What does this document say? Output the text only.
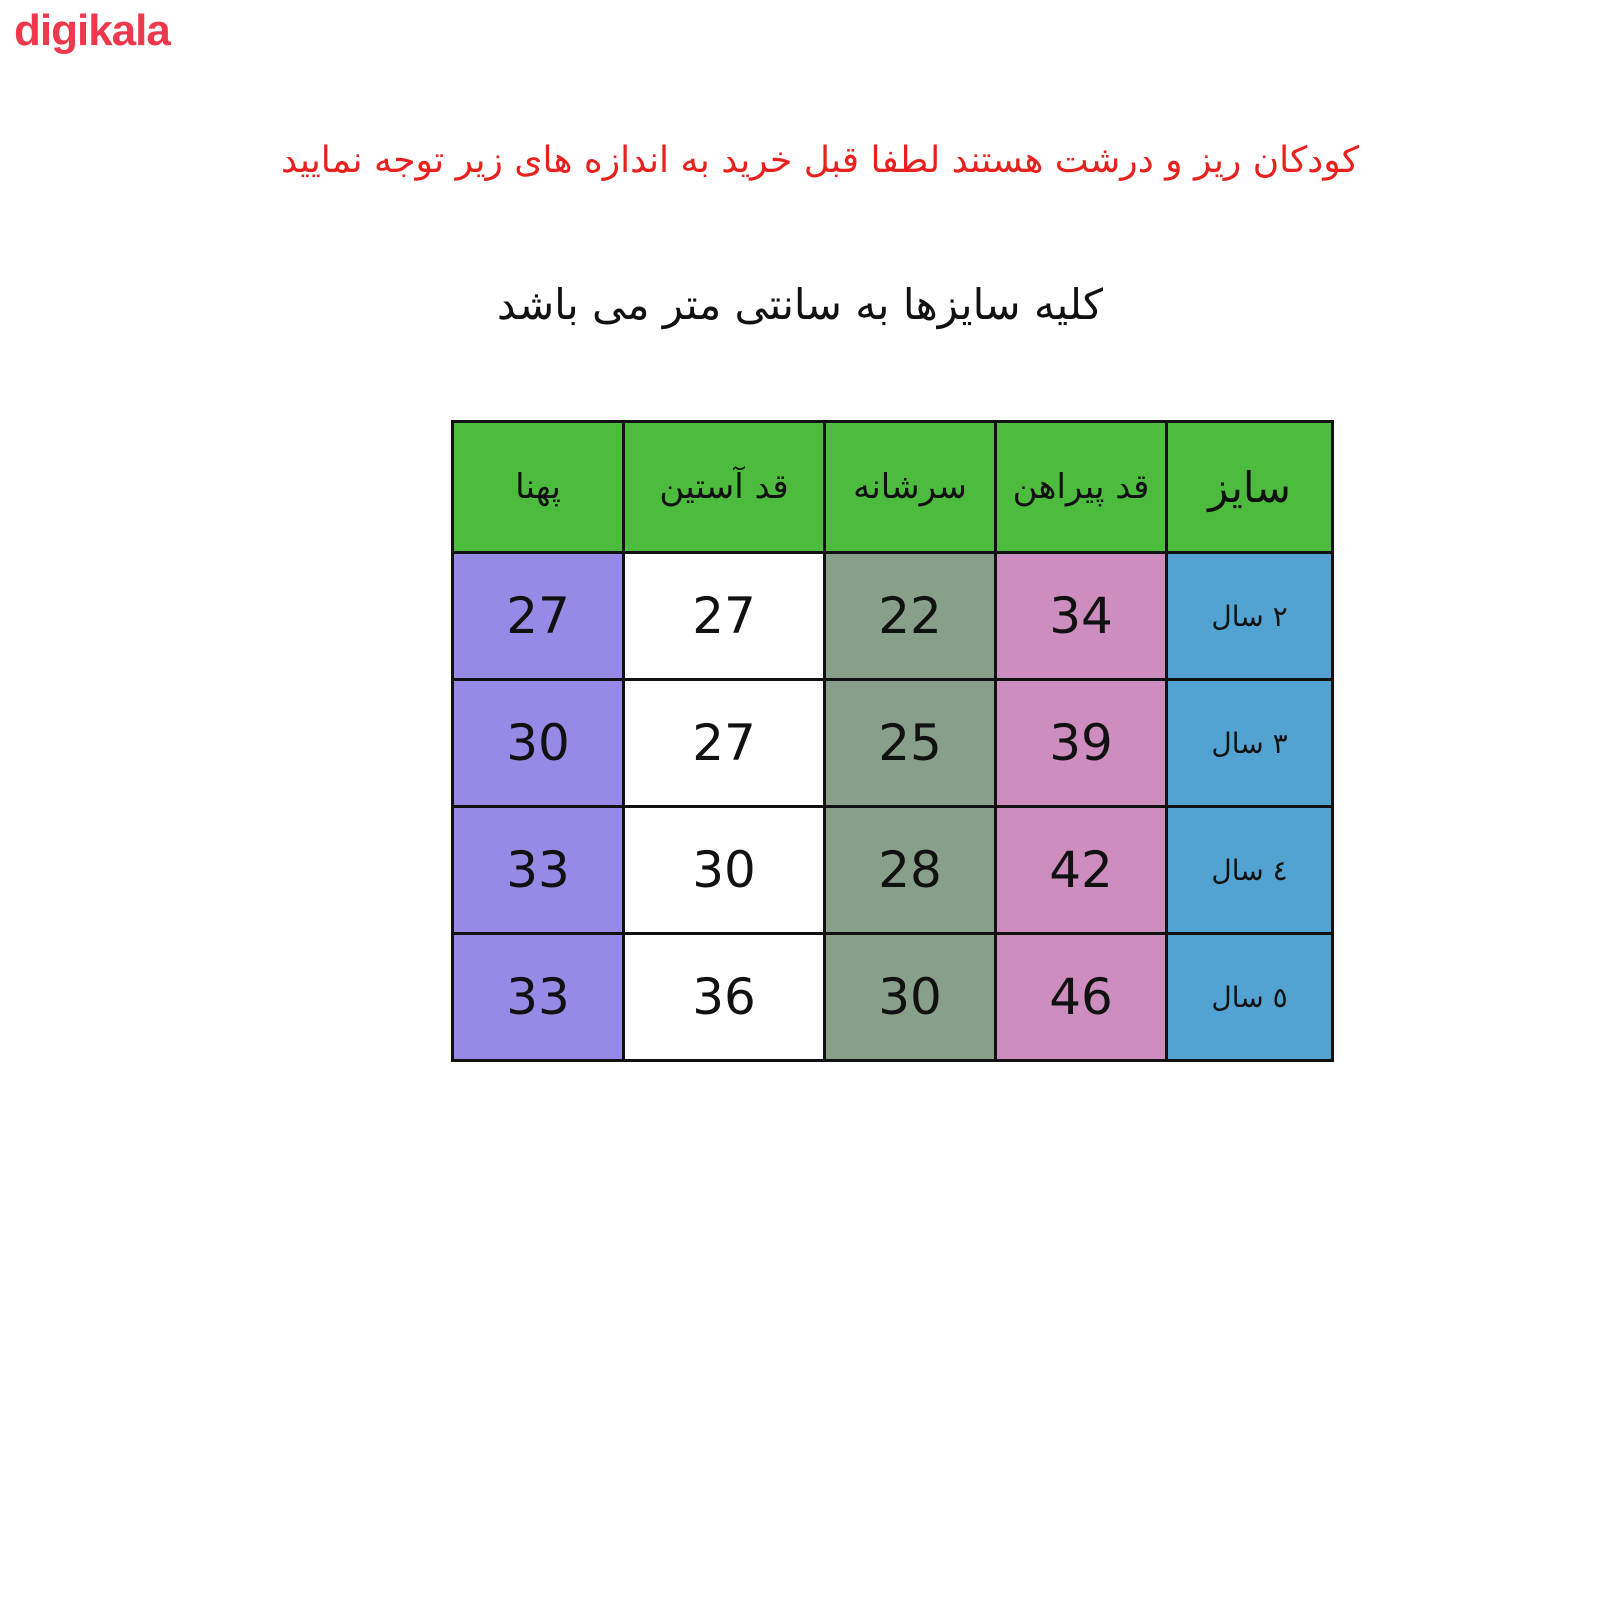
digikala
کودکان ریز و درشت هستند لطفا قبل خرید به اندازه های زیر توجه نمایید
کلیه سایزها به سانتی متر می باشد
پهنا	قد آستین	سرشانه	قد پیراهن	سایز
27	27	22	34	۲ سال
30	27	25	39	۳ سال
33	30	28	42	٤ سال
33	36	30	46	٥ سال
